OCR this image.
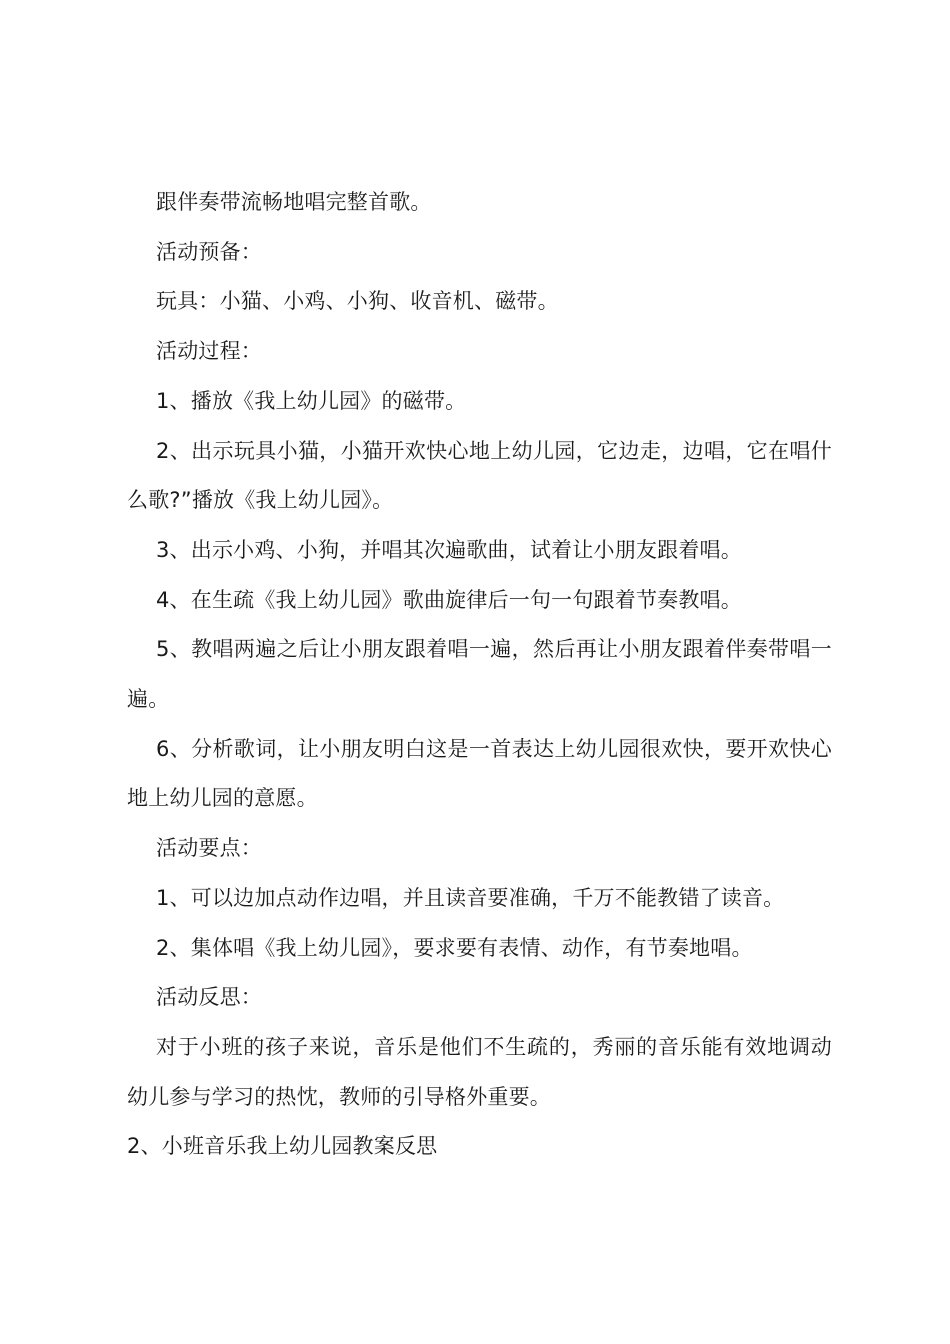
跟伴奏带流畅地唱完整首歌。

活动预备：

玩具：小猫、小鸡、小狗、收音机、磁带。

活动过程：

1、播放《我上幼儿园》的磁带。

2、出示玩具小猫，小猫开欢快心地上幼儿园，它边走，边唱，它在唱什么歌?”播放《我上幼儿园》。

3、出示小鸡、小狗，并唱其次遍歌曲，试着让小朋友跟着唱。

4、在生疏《我上幼儿园》歌曲旋律后一句一句跟着节奏教唱。

5、教唱两遍之后让小朋友跟着唱一遍，然后再让小朋友跟着伴奏带唱一遍。

6、分析歌词，让小朋友明白这是一首表达上幼儿园很欢快，要开欢快心地上幼儿园的意愿。

活动要点：

1、可以边加点动作边唱，并且读音要准确，千万不能教错了读音。

2、集体唱《我上幼儿园》，要求要有表情、动作，有节奏地唱。

活动反思：

对于小班的孩子来说，音乐是他们不生疏的，秀丽的音乐能有效地调动幼儿参与学习的热忱，教师的引导格外重要。

2、小班音乐我上幼儿园教案反思
